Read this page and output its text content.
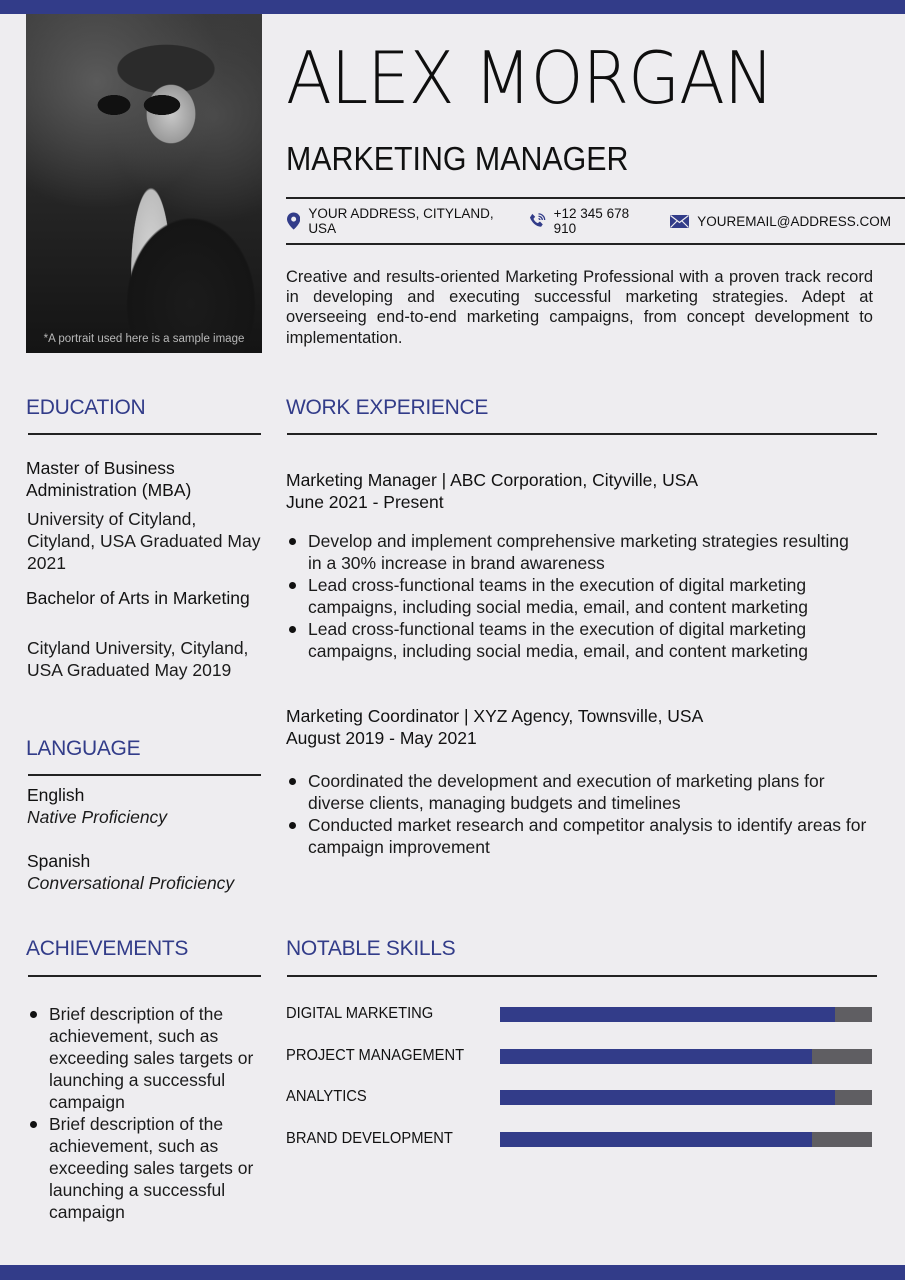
*A portrait used here is a sample image
ALEX MORGAN
MARKETING MANAGER
YOUR ADDRESS, CITYLAND, USA
+12 345 678 910	YOUREMAIL@ADDRESS.COM
Creative and results-oriented Marketing Professional with a proven track record in developing and executing successful marketing strategies. Adept at overseeing end-to-end marketing campaigns, from concept development to implementation.
EDUCATION
Master of Business Administration (MBA)
University of Cityland, Cityland, USA Graduated May 2021
Bachelor of Arts in Marketing
Cityland University, Cityland, USA Graduated May 2019
LANGUAGE
English
Native Proficiency
Spanish
Conversational Proficiency
ACHIEVEMENTS
Brief description of the achievement, such as exceeding sales targets or launching a successful campaign
Brief description of the achievement, such as exceeding sales targets or launching a successful campaign
WORK EXPERIENCE
Marketing Manager | ABC Corporation, Cityville, USA
June 2021 - Present
Develop and implement comprehensive marketing strategies resulting in a 30% increase in brand awareness
Lead cross-functional teams in the execution of digital marketing campaigns, including social media, email, and content marketing
Lead cross-functional teams in the execution of digital marketing campaigns, including social media, email, and content marketing
Marketing Coordinator | XYZ Agency, Townsville, USA
August 2019 - May 2021
Coordinated the development and execution of marketing plans for diverse clients, managing budgets and timelines
Conducted market research and competitor analysis to identify areas for campaign improvement
NOTABLE SKILLS
DIGITAL MARKETING
PROJECT MANAGEMENT
ANALYTICS
BRAND DEVELOPMENT
